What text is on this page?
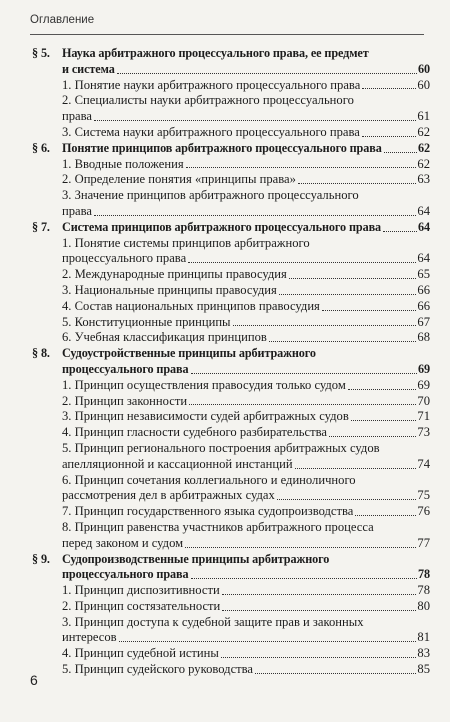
Оглавление
§ 5. Наука арбитражного процессуального права, ее предмет
и система	60
1. Понятие науки арбитражного процессуального права	60
2. Специалисты науки арбитражного процессуального
права	61
3. Система науки арбитражного процессуального права	62
§ 6. Понятие принципов арбитражного процессуального права	62
1. Вводные положения	62
2. Определение понятия «принципы права»	63
3. Значение принципов арбитражного процессуального
права	64
§ 7. Система принципов арбитражного процессуального права	64
1. Понятие системы принципов арбитражного
процессуального права	64
2. Международные принципы правосудия	65
3. Национальные принципы правосудия	66
4. Состав национальных принципов правосудия	66
5. Конституционные принципы	67
6. Учебная классификация принципов	68
§ 8. Судоустройственные принципы арбитражного
процессуального права	69
1. Принцип осуществления правосудия только судом	69
2. Принцип законности	70
3. Принцип независимости судей арбитражных судов	71
4. Принцип гласности судебного разбирательства	73
5. Принцип регионального построения арбитражных судов
апелляционной и кассационной инстанций	74
6. Принцип сочетания коллегиального и единоличного
рассмотрения дел в арбитражных судах	75
7. Принцип государственного языка судопроизводства	76
8. Принцип равенства участников арбитражного процесса
перед законом и судом	77
§ 9. Судопроизводственные принципы арбитражного
процессуального права	78
1. Принцип диспозитивности	78
2. Принцип состязательности	80
3. Принцип доступа к судебной защите прав и законных
интересов	81
4. Принцип судебной истины	83
5. Принцип судейского руководства	85
6
